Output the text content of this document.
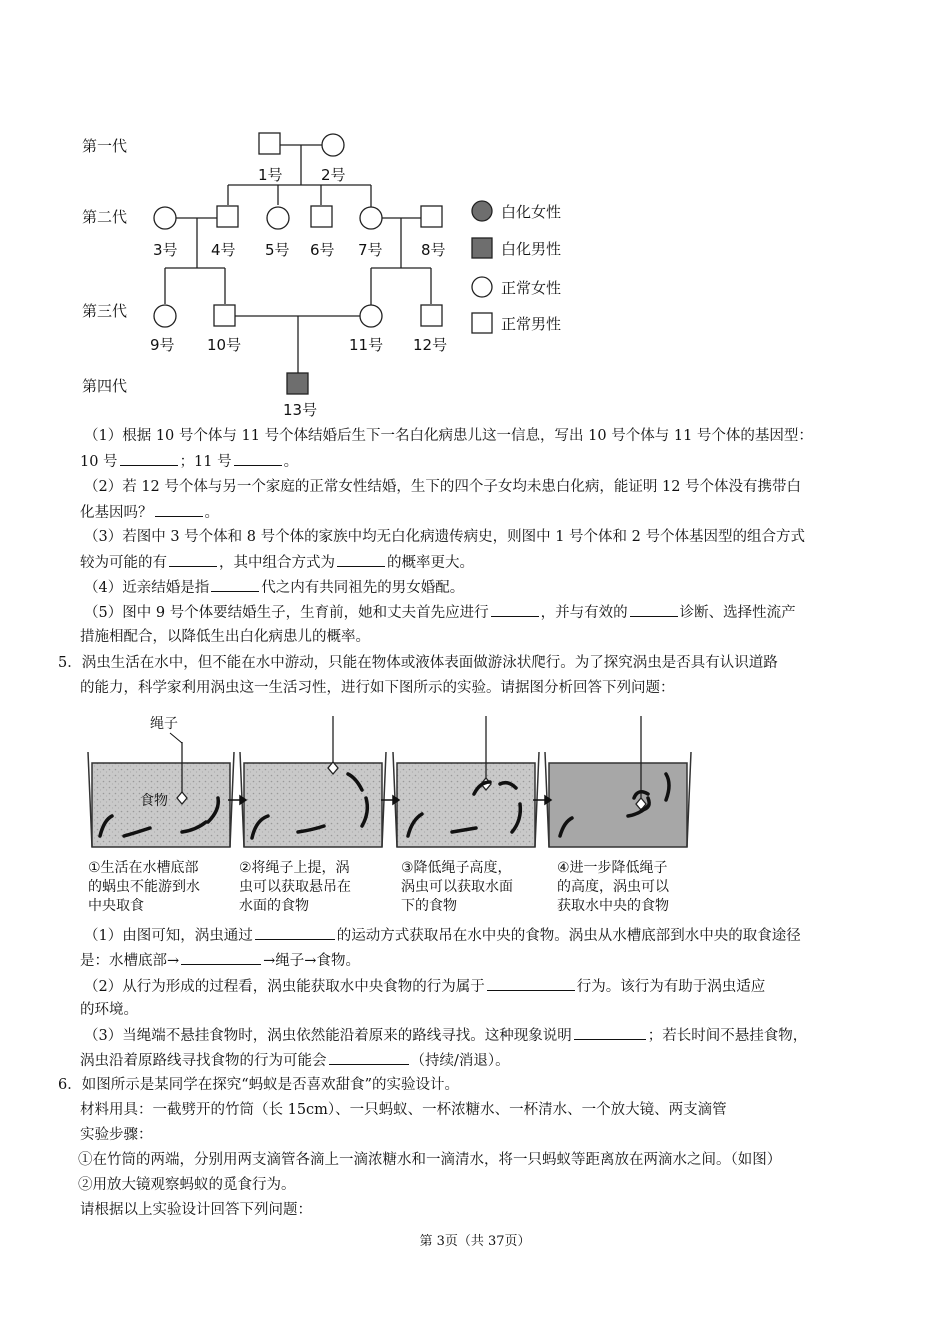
第一代
第二代
第三代
第四代
1号	2号
3号 4号 5号 6号 7号	8号
9号 10号	11号 12号
13号
白化女性
白化男性
正常女性
正常男性
（1）根据 10 号个体与 11 号个体结婚后生下一名白化病患儿这一信息，写出 10 号个体与 11 号个体的基因型：
10 号	；11 号	。
（2）若 12 号个体与另一个家庭的正常女性结婚，生下的四个子女均未患白化病，能证明 12 号个体没有携带白
化基因吗？	。
（3）若图中 3 号个体和 8 号个体的家族中均无白化病遗传病史，则图中 1 号个体和 2 号个体基因型的组合方式
较为可能的有	，其中组合方式为	的概率更大。
（4）近亲结婚是指	代之内有共同祖先的男女婚配。
（5）图中 9 号个体要结婚生子，生育前，她和丈夫首先应进行	，并与有效的	诊断、选择性流产
措施相配合，以降低生出白化病患儿的概率。
5．涡虫生活在水中，但不能在水中游动，只能在物体或液体表面做游泳状爬行。为了探究涡虫是否具有认识道路
的能力，科学家利用涡虫这一生活习性，进行如下图所示的实验。请据图分析回答下列问题：
绳子
食物
①生活在水槽底部
的蜗虫不能游到水
中央取食
②将绳子上提，涡
虫可以获取悬吊在
水面的食物
③降低绳子高度，
涡虫可以获取水面
下的食物
④进一步降低绳子
的高度，涡虫可以
获取水中央的食物
（1）由图可知，涡虫通过	的运动方式获取吊在水中央的食物。涡虫从水槽底部到水中央的取食途径
是：水槽底部→	→绳子→食物。
（2）从行为形成的过程看，涡虫能获取水中央食物的行为属于	行为。该行为有助于涡虫适应
的环境。
（3）当绳端不悬挂食物时，涡虫依然能沿着原来的路线寻找。这种现象说明	；若长时间不悬挂食物，
涡虫沿着原路线寻找食物的行为可能会	（持续/消退）。
6．如图所示是某同学在探究“蚂蚁是否喜欢甜食”的实验设计。
材料用具：一截劈开的竹筒（长 15cm）、一只蚂蚁、一杯浓糖水、一杯清水、一个放大镜、两支滴管
实验步骤：
①在竹筒的两端，分别用两支滴管各滴上一滴浓糖水和一滴清水，将一只蚂蚁等距离放在两滴水之间。（如图）
②用放大镜观察蚂蚁的觅食行为。
请根据以上实验设计回答下列问题：
第 3页（共 37页）
